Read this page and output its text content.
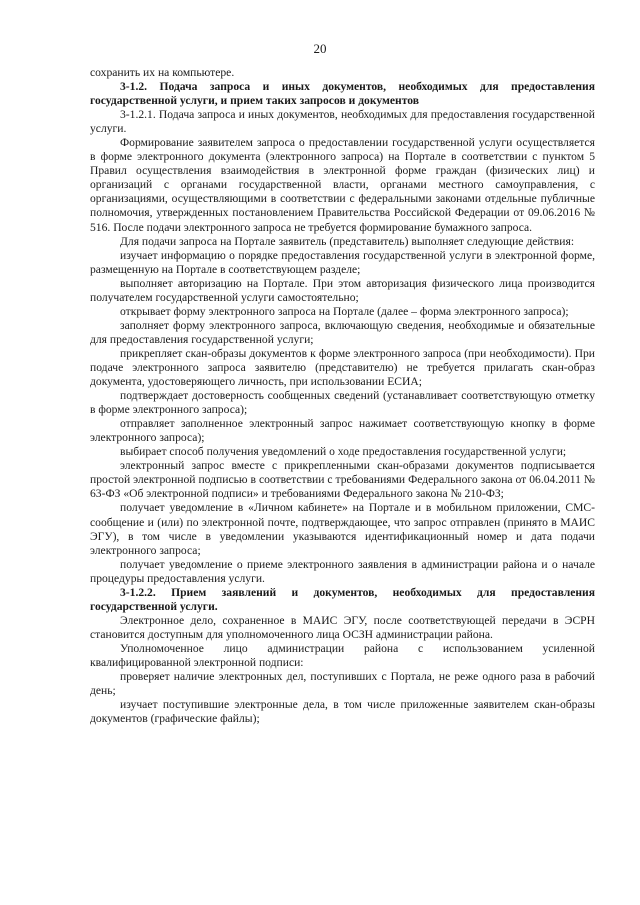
20

сохранить их на компьютере.

3-1.2. Подача запроса и иных документов, необходимых для предоставления государственной услуги, и прием таких запросов и документов

3-1.2.1. Подача запроса и иных документов, необходимых для предоставления государственной услуги.

Формирование заявителем запроса о предоставлении государственной услуги осуществляется в форме электронного документа (электронного запроса) на Портале в соответствии с пунктом 5 Правил осуществления взаимодействия в электронной форме граждан (физических лиц) и организаций с органами государственной власти, органами местного самоуправления, с организациями, осуществляющими в соответствии с федеральными законами отдельные публичные полномочия, утвержденных постановлением Правительства Российской Федерации от 09.06.2016 № 516. После подачи электронного запроса не требуется формирование бумажного запроса.

Для подачи запроса на Портале заявитель (представитель) выполняет следующие действия:

изучает информацию о порядке предоставления государственной услуги в электронной форме, размещенную на Портале в соответствующем разделе;

выполняет авторизацию на Портале. При этом авторизация физического лица производится получателем государственной услуги самостоятельно;

открывает форму электронного запроса на Портале (далее – форма электронного запроса);

заполняет форму электронного запроса, включающую сведения, необходимые и обязательные для предоставления государственной услуги;

прикрепляет скан-образы документов к форме электронного запроса (при необходимости). При подаче электронного запроса заявителю (представителю) не требуется прилагать скан-образ документа, удостоверяющего личность, при использовании ЕСИА;

подтверждает достоверность сообщенных сведений (устанавливает соответствующую отметку в форме электронного запроса);

отправляет заполненное электронный запрос нажимает соответствующую кнопку в форме электронного запроса);

выбирает способ получения уведомлений о ходе предоставления государственной услуги;

электронный запрос вместе с прикрепленными скан-образами документов подписывается простой электронной подписью в соответствии с требованиями Федерального закона от 06.04.2011 № 63-ФЗ «Об электронной подписи» и требованиями Федерального закона № 210-ФЗ;

получает уведомление в «Личном кабинете» на Портале и в мобильном приложении, СМС-сообщение и (или) по электронной почте, подтверждающее, что запрос отправлен (принято в МАИС ЭГУ), в том числе в уведомлении указываются идентификационный номер и дата подачи электронного запроса;

получает уведомление о приеме электронного заявления в администрации района и о начале процедуры предоставления услуги.

3-1.2.2. Прием заявлений и документов, необходимых для предоставления государственной услуги.

Электронное дело, сохраненное в МАИС ЭГУ, после соответствующей передачи в ЭСРН становится доступным для уполномоченного лица ОСЗН администрации района.

Уполномоченное лицо администрации района с использованием усиленной квалифицированной электронной подписи:

проверяет наличие электронных дел, поступивших с Портала, не реже одного раза в рабочий день;

изучает поступившие электронные дела, в том числе приложенные заявителем скан-образы документов (графические файлы);
